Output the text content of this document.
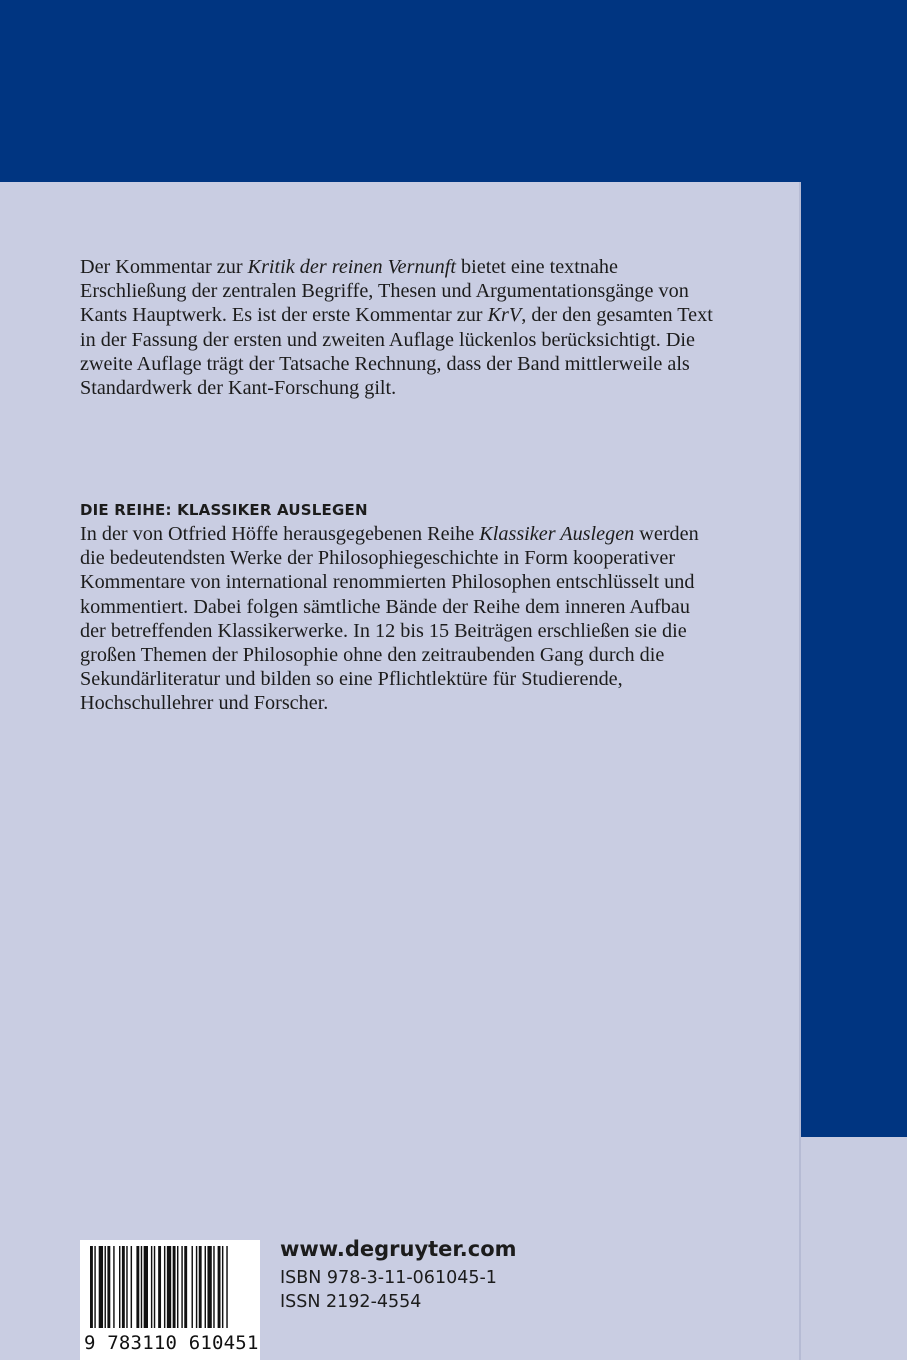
Der Kommentar zur Kritik der reinen Vernunft bietet eine textnahe Erschließung der zentralen Begriffe, Thesen und Argumentationsgänge von Kants Hauptwerk. Es ist der erste Kommentar zur KrV, der den gesamten Text in der Fassung der ersten und zweiten Auflage lückenlos berücksichtigt. Die zweite Auflage trägt der Tatsache Rechnung, dass der Band mittlerweile als Standardwerk der Kant-Forschung gilt.

DIE REIHE: KLASSIKER AUSLEGEN

In der von Otfried Höffe herausgegebenen Reihe Klassiker Auslegen werden die bedeutendsten Werke der Philosophiegeschichte in Form kooperativer Kommentare von international renommierten Philosophen entschlüsselt und kommentiert. Dabei folgen sämtliche Bände der Reihe dem inneren Aufbau der betreffenden Klassikerwerke. In 12 bis 15 Beiträgen erschließen sie die großen Themen der Philosophie ohne den zeitraubenden Gang durch die Sekundärliteratur und bilden so eine Pflichtlektüre für Studierende, Hochschullehrer und Forscher.

9 783110 610451
www.degruyter.com
ISBN 978-3-11-061045-1
ISSN 2192-4554
